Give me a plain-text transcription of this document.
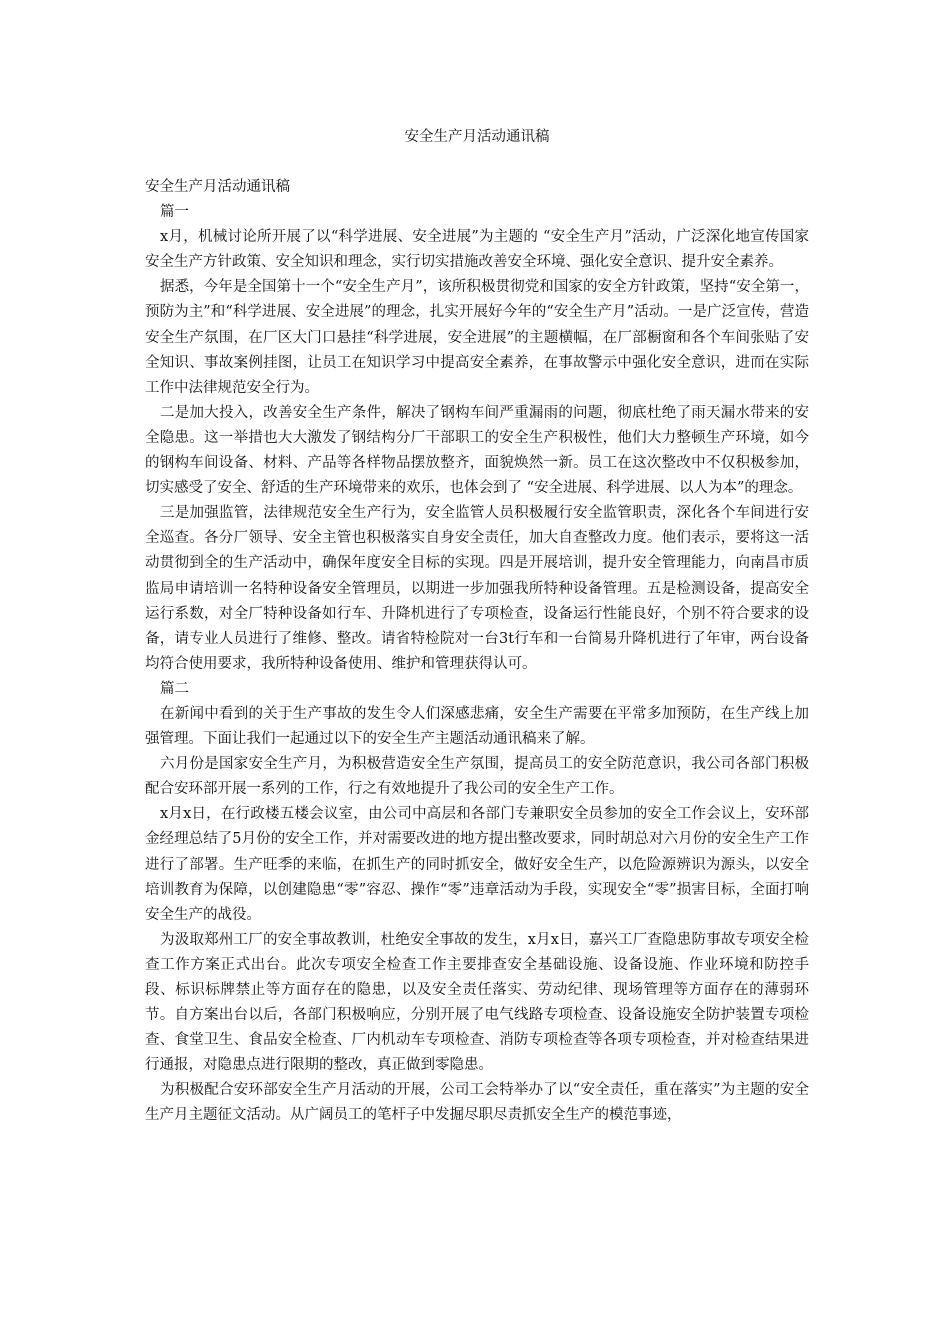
安全生产月活动通讯稿

安全生产月活动通讯稿

篇一

x月，机械讨论所开展了以“科学进展、安全进展”为主题的 “安全生产月”活动，广泛深化地宣传国家安全生产方针政策、安全知识和理念，实行切实措施改善安全环境、强化安全意识、提升安全素养。

据悉，今年是全国第十一个“安全生产月”，该所积极贯彻党和国家的安全方针政策，坚持“安全第一，预防为主”和“科学进展、安全进展”的理念，扎实开展好今年的“安全生产月”活动。一是广泛宣传，营造安全生产氛围，在厂区大门口悬挂“科学进展，安全进展”的主题横幅，在厂部橱窗和各个车间张贴了安全知识、事故案例挂图，让员工在知识学习中提高安全素养，在事故警示中强化安全意识，进而在实际工作中法律规范安全行为。

二是加大投入，改善安全生产条件，解决了钢构车间严重漏雨的问题，彻底杜绝了雨天漏水带来的安全隐患。这一举措也大大激发了钢结构分厂干部职工的安全生产积极性，他们大力整顿生产环境，如今的钢构车间设备、材料、产品等各样物品摆放整齐，面貌焕然一新。员工在这次整改中不仅积极参加，切实感受了安全、舒适的生产环境带来的欢乐，也体会到了 “安全进展、科学进展、以人为本”的理念。

三是加强监管，法律规范安全生产行为，安全监管人员积极履行安全监管职责，深化各个车间进行安全巡查。各分厂领导、安全主管也积极落实自身安全责任，加大自查整改力度。他们表示，要将这一活动贯彻到全的生产活动中，确保年度安全目标的实现。四是开展培训，提升安全管理能力，向南昌市质监局申请培训一名特种设备安全管理员，以期进一步加强我所特种设备管理。五是检测设备，提高安全运行系数，对全厂特种设备如行车、升降机进行了专项检查，设备运行性能良好，个别不符合要求的设备，请专业人员进行了维修、整改。请省特检院对一台3t行车和一台简易升降机进行了年审，两台设备均符合使用要求，我所特种设备使用、维护和管理获得认可。

篇二

在新闻中看到的关于生产事故的发生令人们深感悲痛，安全生产需要在平常多加预防，在生产线上加强管理。下面让我们一起通过以下的安全生产主题活动通讯稿来了解。

六月份是国家安全生产月，为积极营造安全生产氛围，提高员工的安全防范意识，我公司各部门积极配合安环部开展一系列的工作，行之有效地提升了我公司的安全生产工作。

x月x日，在行政楼五楼会议室，由公司中高层和各部门专兼职安全员参加的安全工作会议上，安环部金经理总结了5月份的安全工作，并对需要改进的地方提出整改要求，同时胡总对六月份的安全生产工作进行了部署。生产旺季的来临，在抓生产的同时抓安全，做好安全生产，以危险源辨识为源头，以安全培训教育为保障，以创建隐患“零”容忍、操作“零”违章活动为手段，实现安全“零”损害目标，全面打响安全生产的战役。

为汲取郑州工厂的安全事故教训，杜绝安全事故的发生，x月x日，嘉兴工厂查隐患防事故专项安全检查工作方案正式出台。此次专项安全检查工作主要排查安全基础设施、设备设施、作业环境和防控手段、标识标牌禁止等方面存在的隐患，以及安全责任落实、劳动纪律、现场管理等方面存在的薄弱环节。自方案出台以后，各部门积极响应，分别开展了电气线路专项检查、设备设施安全防护装置专项检查、食堂卫生、食品安全检查、厂内机动车专项检查、消防专项检查等各项专项检查，并对检查结果进行通报，对隐患点进行限期的整改，真正做到零隐患。

为积极配合安环部安全生产月活动的开展，公司工会特举办了以“安全责任，重在落实”为主题的安全生产月主题征文活动。从广阔员工的笔杆子中发掘尽职尽责抓安全生产的模范事迹，
